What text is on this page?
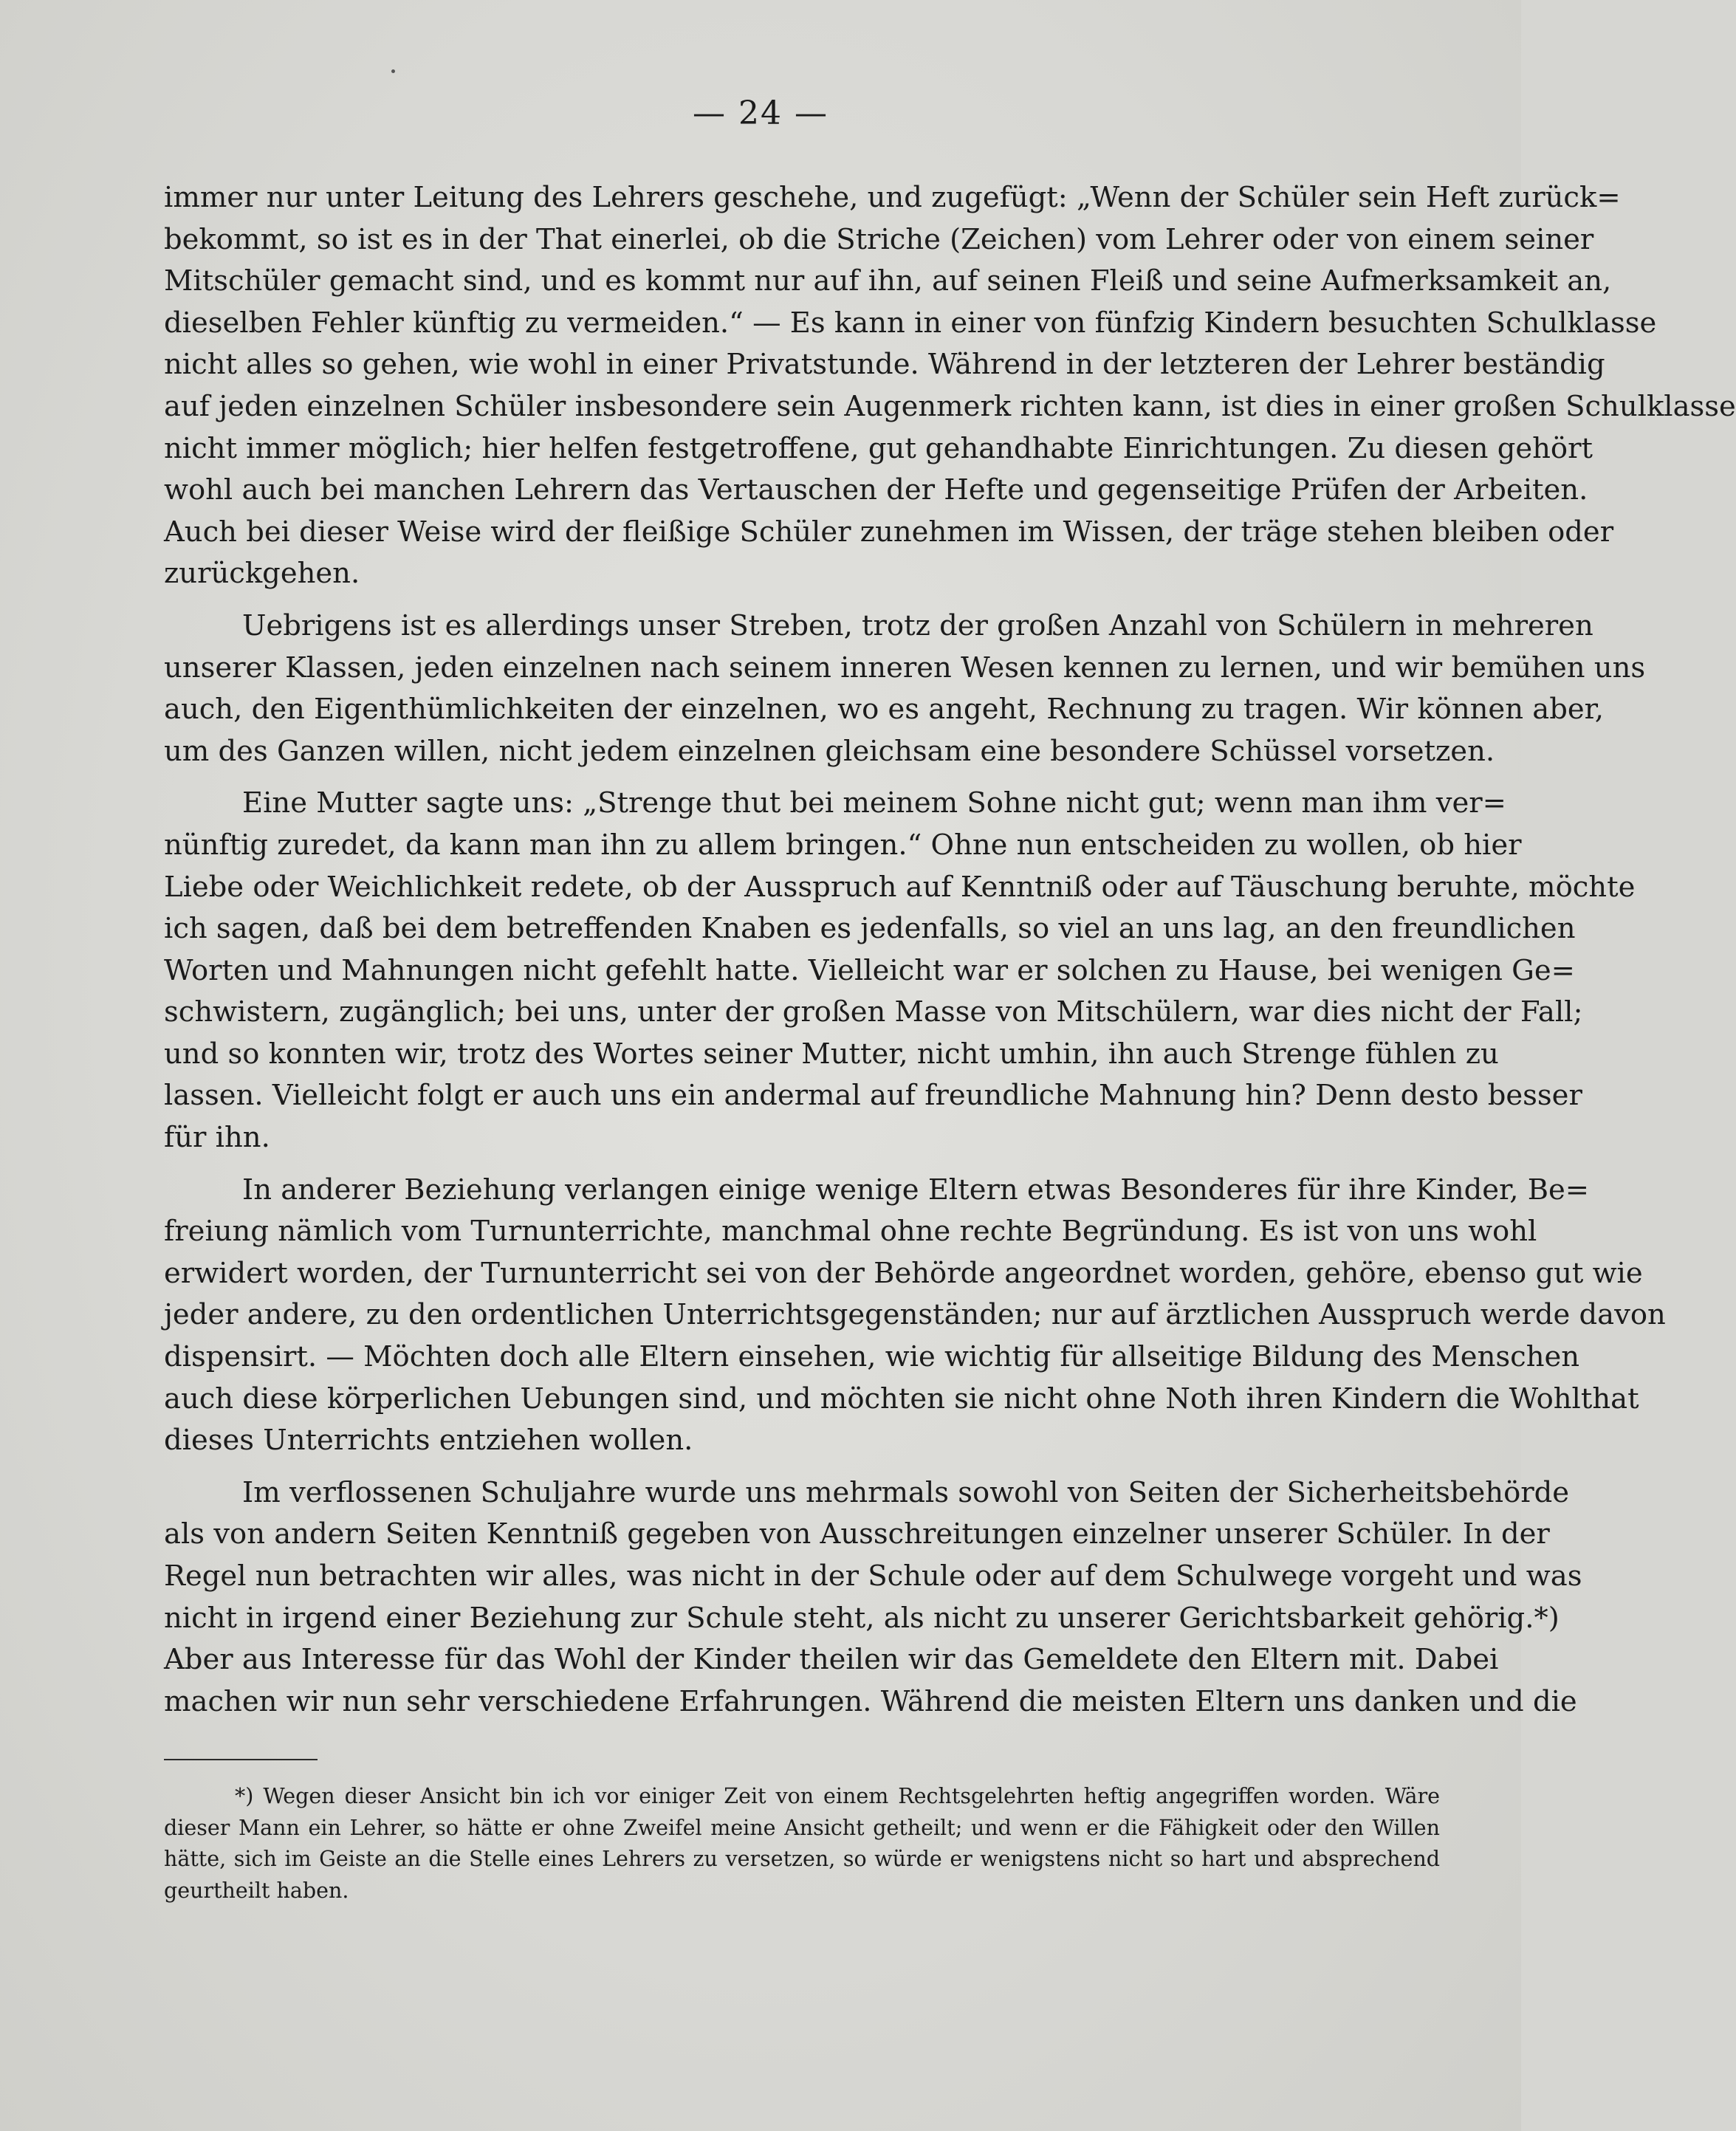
— 24 —

immer nur unter Leitung des Lehrers geschehe, und zugefügt: „Wenn der Schüler sein Heft zurück=
bekommt, so ist es in der That einerlei, ob die Striche (Zeichen) vom Lehrer oder von einem seiner
Mitschüler gemacht sind, und es kommt nur auf ihn, auf seinen Fleiß und seine Aufmerksamkeit an,
dieselben Fehler künftig zu vermeiden.“ — Es kann in einer von fünfzig Kindern besuchten Schulklasse
nicht alles so gehen, wie wohl in einer Privatstunde. Während in der letzteren der Lehrer beständig
auf jeden einzelnen Schüler insbesondere sein Augenmerk richten kann, ist dies in einer großen Schulklasse
nicht immer möglich; hier helfen festgetroffene, gut gehandhabte Einrichtungen. Zu diesen gehört
wohl auch bei manchen Lehrern das Vertauschen der Hefte und gegenseitige Prüfen der Arbeiten.
Auch bei dieser Weise wird der fleißige Schüler zunehmen im Wissen, der träge stehen bleiben oder
zurückgehen.

Uebrigens ist es allerdings unser Streben, trotz der großen Anzahl von Schülern in mehreren
unserer Klassen, jeden einzelnen nach seinem inneren Wesen kennen zu lernen, und wir bemühen uns
auch, den Eigenthümlichkeiten der einzelnen, wo es angeht, Rechnung zu tragen. Wir können aber,
um des Ganzen willen, nicht jedem einzelnen gleichsam eine besondere Schüssel vorsetzen.

Eine Mutter sagte uns: „Strenge thut bei meinem Sohne nicht gut; wenn man ihm ver=
nünftig zuredet, da kann man ihn zu allem bringen.“ Ohne nun entscheiden zu wollen, ob hier
Liebe oder Weichlichkeit redete, ob der Ausspruch auf Kenntniß oder auf Täuschung beruhte, möchte
ich sagen, daß bei dem betreffenden Knaben es jedenfalls, so viel an uns lag, an den freundlichen
Worten und Mahnungen nicht gefehlt hatte. Vielleicht war er solchen zu Hause, bei wenigen Ge=
schwistern, zugänglich; bei uns, unter der großen Masse von Mitschülern, war dies nicht der Fall;
und so konnten wir, trotz des Wortes seiner Mutter, nicht umhin, ihn auch Strenge fühlen zu
lassen. Vielleicht folgt er auch uns ein andermal auf freundliche Mahnung hin? Denn desto besser
für ihn.

In anderer Beziehung verlangen einige wenige Eltern etwas Besonderes für ihre Kinder, Be=
freiung nämlich vom Turnunterrichte, manchmal ohne rechte Begründung. Es ist von uns wohl
erwidert worden, der Turnunterricht sei von der Behörde angeordnet worden, gehöre, ebenso gut wie
jeder andere, zu den ordentlichen Unterrichtsgegenständen; nur auf ärztlichen Ausspruch werde davon
dispensirt. — Möchten doch alle Eltern einsehen, wie wichtig für allseitige Bildung des Menschen
auch diese körperlichen Uebungen sind, und möchten sie nicht ohne Noth ihren Kindern die Wohlthat
dieses Unterrichts entziehen wollen.

Im verflossenen Schuljahre wurde uns mehrmals sowohl von Seiten der Sicherheitsbehörde
als von andern Seiten Kenntniß gegeben von Ausschreitungen einzelner unserer Schüler. In der
Regel nun betrachten wir alles, was nicht in der Schule oder auf dem Schulwege vorgeht und was
nicht in irgend einer Beziehung zur Schule steht, als nicht zu unserer Gerichtsbarkeit gehörig.*)
Aber aus Interesse für das Wohl der Kinder theilen wir das Gemeldete den Eltern mit. Dabei
machen wir nun sehr verschiedene Erfahrungen. Während die meisten Eltern uns danken und die

*) Wegen dieser Ansicht bin ich vor einiger Zeit von einem Rechtsgelehrten heftig angegriffen worden. Wäre
dieser Mann ein Lehrer, so hätte er ohne Zweifel meine Ansicht getheilt; und wenn er die Fähigkeit oder den Willen
hätte, sich im Geiste an die Stelle eines Lehrers zu versetzen, so würde er wenigstens nicht so hart und absprechend
geurtheilt haben.
